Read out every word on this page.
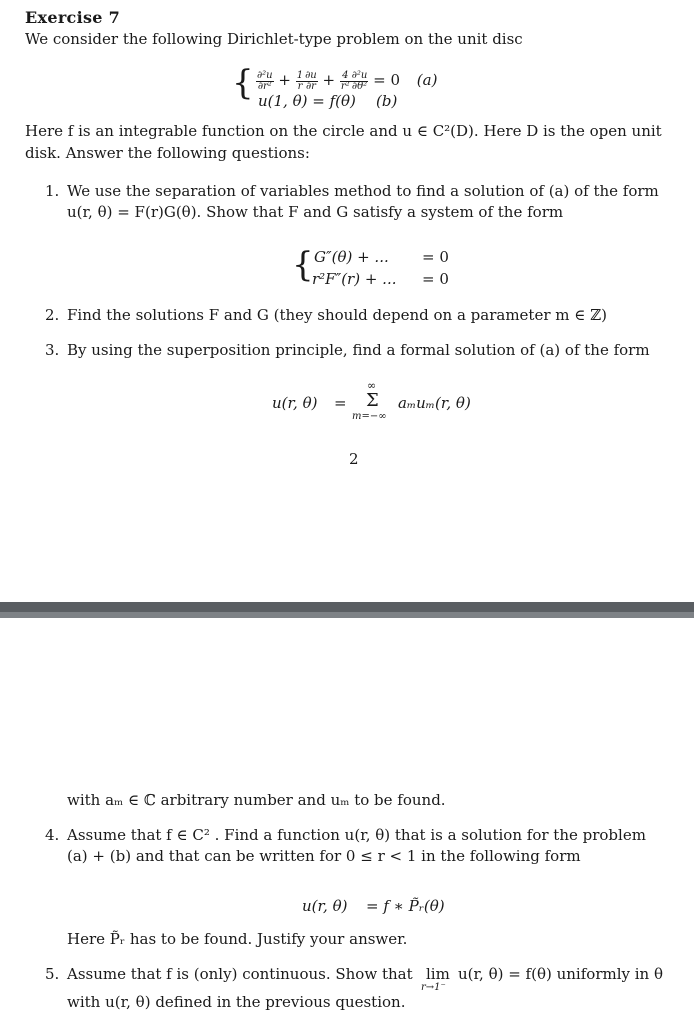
Exercise 7
We consider the following Dirichlet-type problem on the unit disc
{ $\frac{\text{∂²u}}{\text{∂r²}} + \frac{1}{r} \frac{\partial u}{\partial r} + \frac{4}{\text{r²}} \frac{\text{∂²u}}{\text{∂θ²}} = 0$ (a)
u(1, θ) = f(θ) (b)
Here f is an integrable function on the circle and u ∈ C²(D). Here D is the open unit
disk. Answer the following questions:
1. We use the separation of variables method to find a solution of (a) of the form
u(r, θ) = F(r)G(θ). Show that F and G satisfy a system of the form
{ G″(θ) + ... = 0
r²F″(r) + ... = 0
2. Find the solutions F and G (they should depend on a parameter m ∈ ℤ)
3. By using the superposition principle, find a formal solution of (a) of the form
u(r, θ) =
∞
Σ
m=−∞
aₘuₘ(r, θ)
2
with aₘ ∈ ℂ arbitrary number and uₘ to be found.
4. Assume that f ∈ C² . Find a function u(r, θ) that is a solution for the problem
(a) + (b) and that can be written for 0 ≤ r < 1 in the following form
u(r, θ) = f ∗ P̃ᵣ(θ)
Here P̃ᵣ has to be found. Justify your answer.
5. Assume that f is (only) continuous. Show that lim
r→1⁻
u(r, θ) = f(θ) uniformly in θ
with u(r, θ) defined in the previous question.
